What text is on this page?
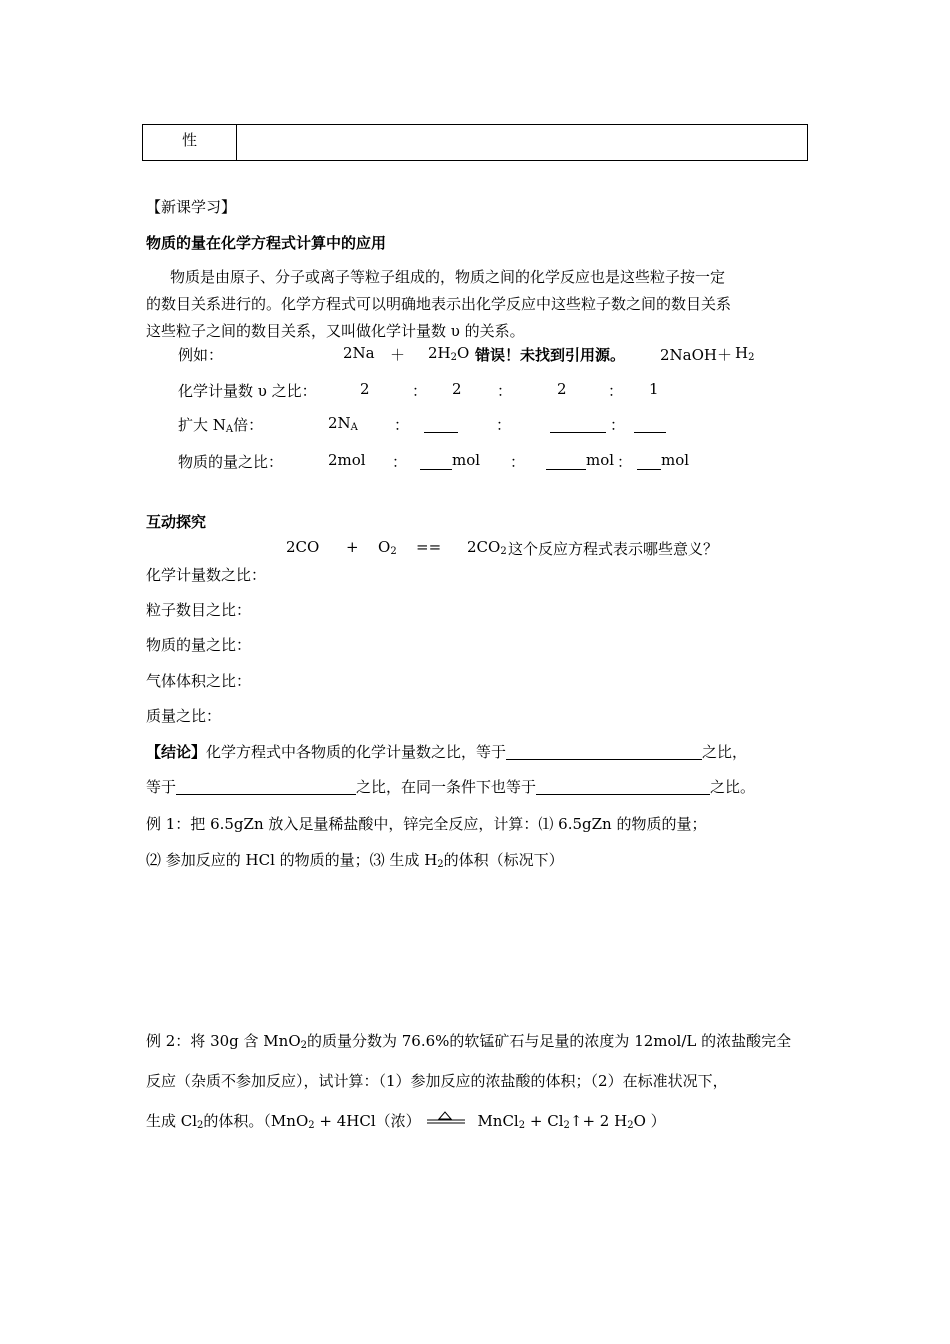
性
【新课学习】
物质的量在化学方程式计算中的应用
物质是由原子、分子或离子等粒子组成的，物质之间的化学反应也是这些粒子按一定
的数目关系进行的。化学方程式可以明确地表示出化学反应中这些粒子数之间的数目关系
这些粒子之间的数目关系，又叫做化学计量数 υ 的关系。
例如：	$2Na + 2H_2O$ 错误！未找到引用源。 2NaOH＋ $H_2$
化学计量数 υ 之比：	2	： 2 ：	2	： 1
扩大 $N_A$倍：	$2N_A$ ：	：	：
物质的量之比：	2mol ：	mol ：	mol ： mol
互动探究
$2CO + O_2 == 2CO_2$ 这个反应方程式表示哪些意义？
化学计量数之比：
粒子数目之比：
物质的量之比：
气体体积之比：
质量之比：
【结论】化学方程式中各物质的化学计量数之比，等于	之比，
等于	之比，在同一条件下也等于	之比。
例 1：把 6.5gZn 放入足量稀盐酸中，锌完全反应，计算：⑴ 6.5gZn 的物质的量；
⑵ 参加反应的 HCl 的物质的量；⑶ 生成 $H_2$的体积（标况下）
例 2：将 30g 含 MnO$_2$的质量分数为 76.6%的软锰矿石与足量的浓度为 12mol/L 的浓盐酸完全
反应（杂质不参加反应），试计算：（1）参加反应的浓盐酸的体积；（2）在标准状况下，
生成 $Cl_2$的体积。（MnO$_2$ + 4HCl（浓）	MnCl$_2$ + $Cl_2↑+ 2$ $H_2O$ ）
